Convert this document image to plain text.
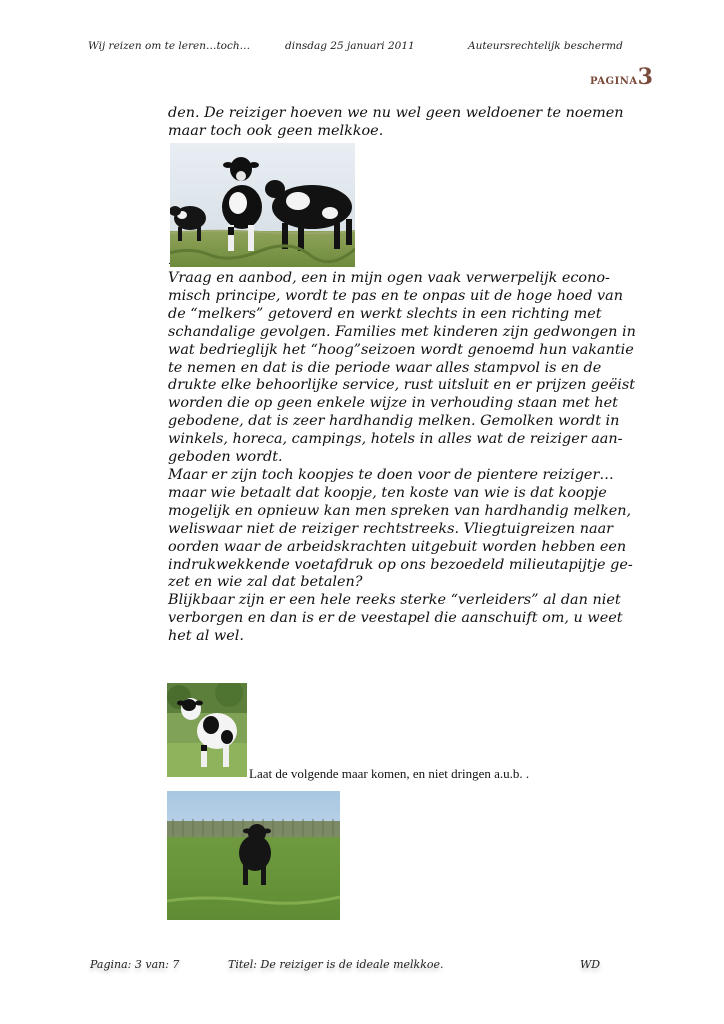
Wij reizen om te leren…toch…	dinsdag 25 januari 2011	Auteursrechtelijk beschermd
PAGINA3
den. De reiziger hoeven we nu wel geen weldoener te noemen
maar toch ook geen melkkoe.
.
Vraag en aanbod, een in mijn ogen vaak verwerpelijk econo-
misch principe, wordt te pas en te onpas uit de hoge hoed van
de “melkers” getoverd en werkt slechts in een richting met
schandalige gevolgen. Families met kinderen zijn gedwongen in
wat bedrieglijk het “hoog”seizoen wordt genoemd hun vakantie
te nemen en dat is die periode waar alles stampvol is en de
drukte elke behoorlijke service, rust uitsluit en er prijzen geëist
worden die op geen enkele wijze in verhouding staan met het
gebodene, dat is zeer hardhandig melken. Gemolken wordt in
winkels, horeca, campings, hotels in alles wat de reiziger aan-
geboden wordt.
Maar er zijn toch koopjes te doen voor de pientere reiziger…
maar wie betaalt dat koopje, ten koste van wie is dat koopje
mogelijk en opnieuw kan men spreken van hardhandig melken,
weliswaar niet de reiziger rechtstreeks. Vliegtuigreizen naar
oorden waar de arbeidskrachten uitgebuit worden hebben een
indrukwekkende voetafdruk op ons bezoedeld milieutapijtje ge-
zet en wie zal dat betalen?
Blijkbaar zijn er een hele reeks sterke “verleiders” al dan niet
verborgen en dan is er de veestapel die aanschuift om, u weet
het al wel.
Laat de volgende maar komen, en niet dringen a.u.b. .
Pagina: 3 van: 7	Titel: De reiziger is de ideale melkkoe.	WD
